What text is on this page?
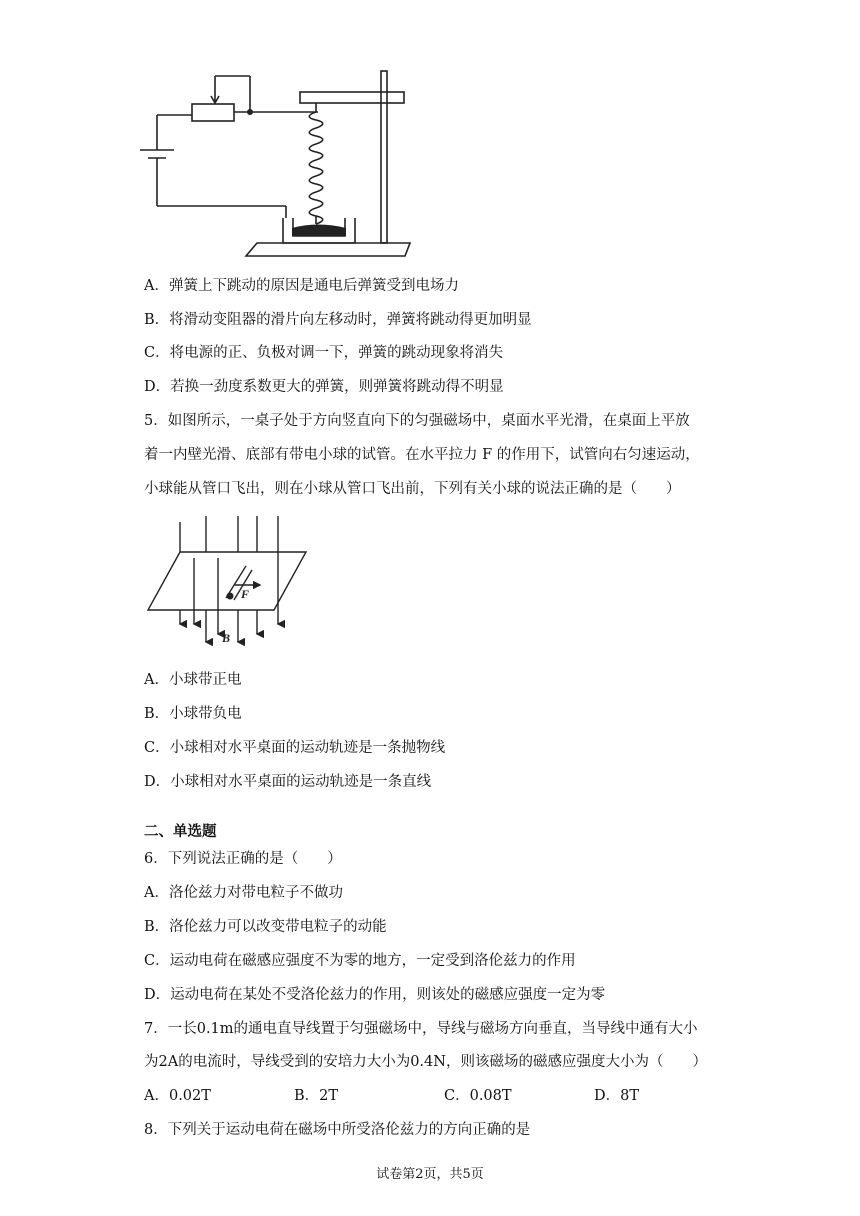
A．弹簧上下跳动的原因是通电后弹簧受到电场力
B．将滑动变阻器的滑片向左移动时，弹簧将跳动得更加明显
C．将电源的正、负极对调一下，弹簧的跳动现象将消失
D．若换一劲度系数更大的弹簧，则弹簧将跳动得不明显
5．如图所示，一桌子处于方向竖直向下的匀强磁场中，桌面水平光滑，在桌面上平放
着一内壁光滑、底部有带电小球的试管。在水平拉力 F 的作用下，试管向右匀速运动，
小球能从管口飞出，则在小球从管口飞出前，下列有关小球的说法正确的是（　　）
F
B
A．小球带正电
B．小球带负电
C．小球相对水平桌面的运动轨迹是一条抛物线
D．小球相对水平桌面的运动轨迹是一条直线
二、单选题
6．下列说法正确的是（　　）
A．洛伦兹力对带电粒子不做功
B．洛伦兹力可以改变带电粒子的动能
C．运动电荷在磁感应强度不为零的地方，一定受到洛伦兹力的作用
D．运动电荷在某处不受洛伦兹力的作用，则该处的磁感应强度一定为零
7．一长0.1m的通电直导线置于匀强磁场中，导线与磁场方向垂直，当导线中通有大小
为2A的电流时，导线受到的安培力大小为0.4N，则该磁场的磁感应强度大小为（　　）
A．0.02T	B．2T	C．0.08T	D．8T
8．下列关于运动电荷在磁场中所受洛伦兹力的方向正确的是
试卷第2页，共5页
